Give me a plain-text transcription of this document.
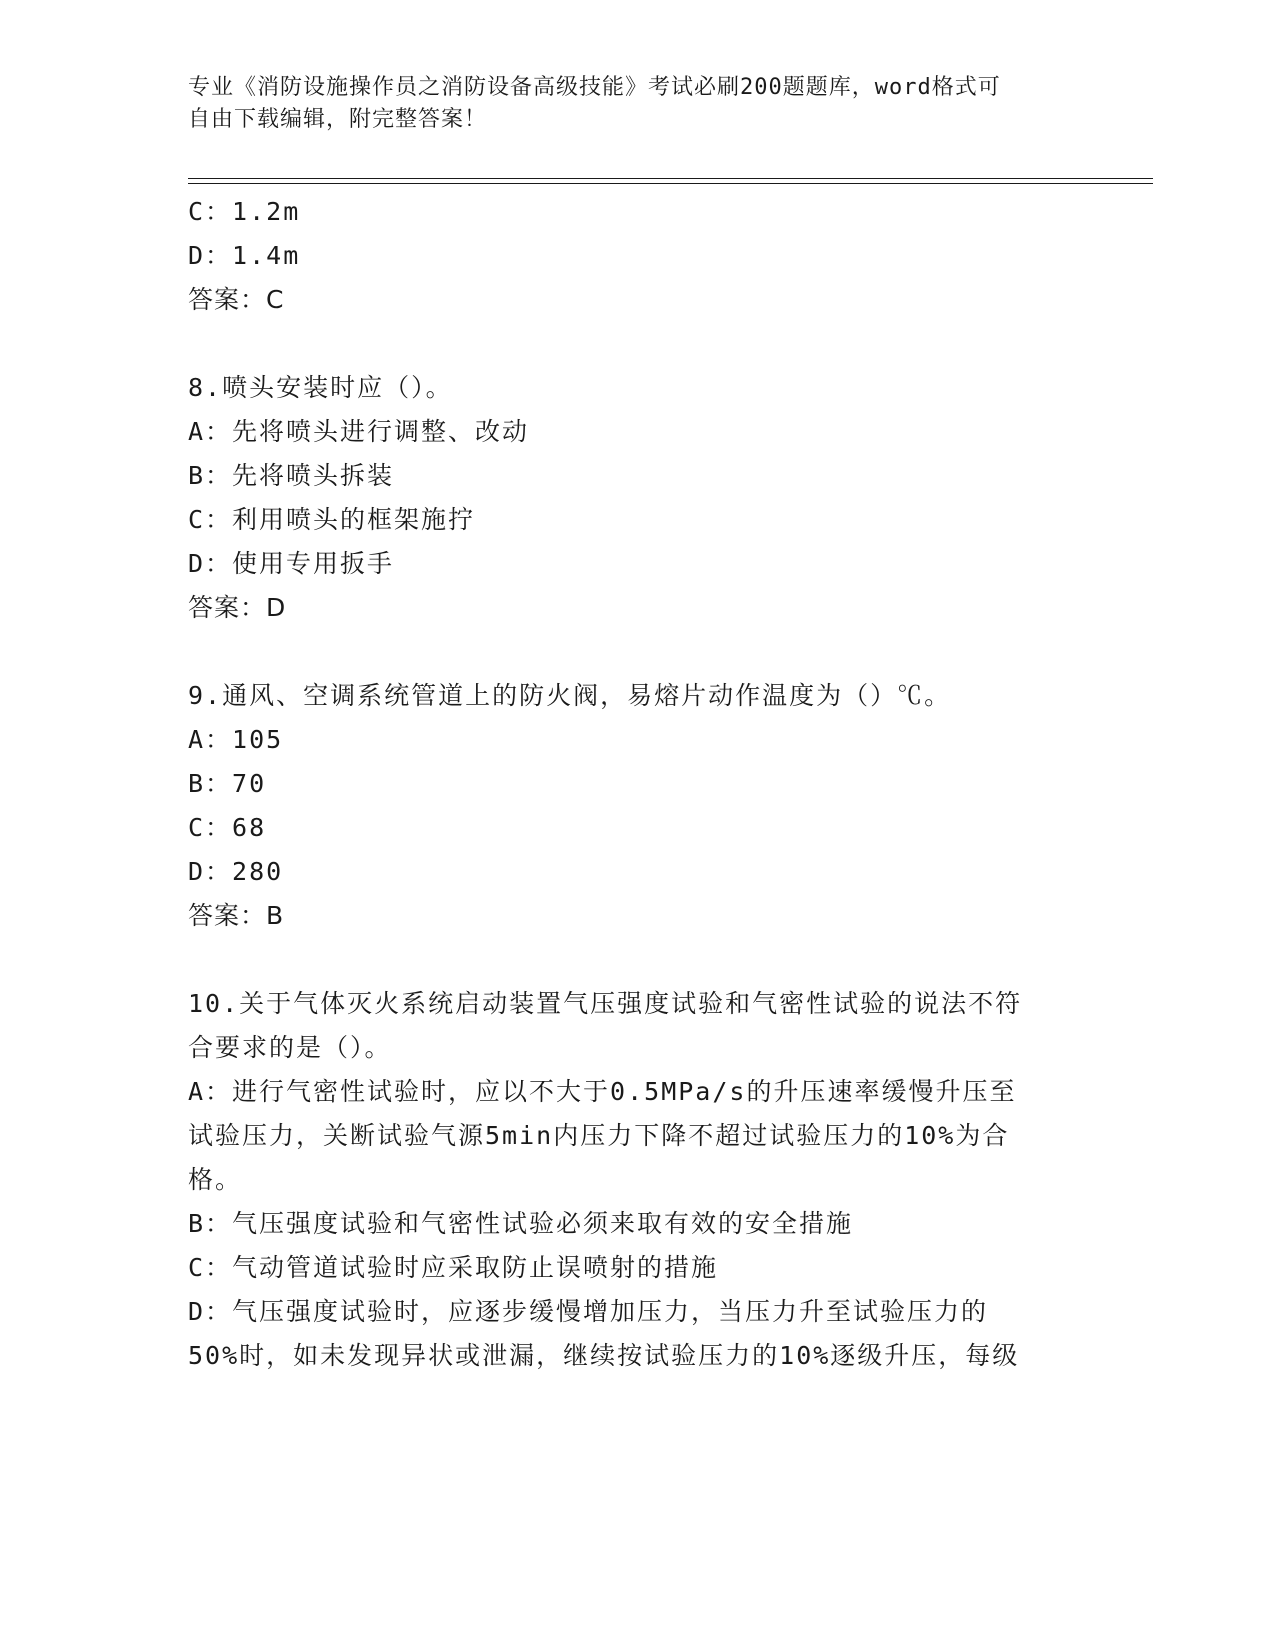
专业《消防设施操作员之消防设备高级技能》考试必刷200题题库，word格式可
自由下载编辑，附完整答案！
C：1.2m
D：1.4m
答案：C
8.喷头安装时应（）。
A：先将喷头进行调整、改动
B：先将喷头拆装
C：利用喷头的框架施拧
D：使用专用扳手
答案：D
9.通风、空调系统管道上的防火阀，易熔片动作温度为（）℃。
A：105
B：70
C：68
D：280
答案：B
10.关于气体灭火系统启动装置气压强度试验和气密性试验的说法不符
合要求的是（）。
A：进行气密性试验时，应以不大于0.5MPa/s的升压速率缓慢升压至
试验压力，关断试验气源5min内压力下降不超过试验压力的10%为合
格。
B：气压强度试验和气密性试验必须来取有效的安全措施
C：气动管道试验时应采取防止误喷射的措施
D：气压强度试验时，应逐步缓慢增加压力，当压力升至试验压力的
50%时，如未发现异状或泄漏，继续按试验压力的10%逐级升压，每级
